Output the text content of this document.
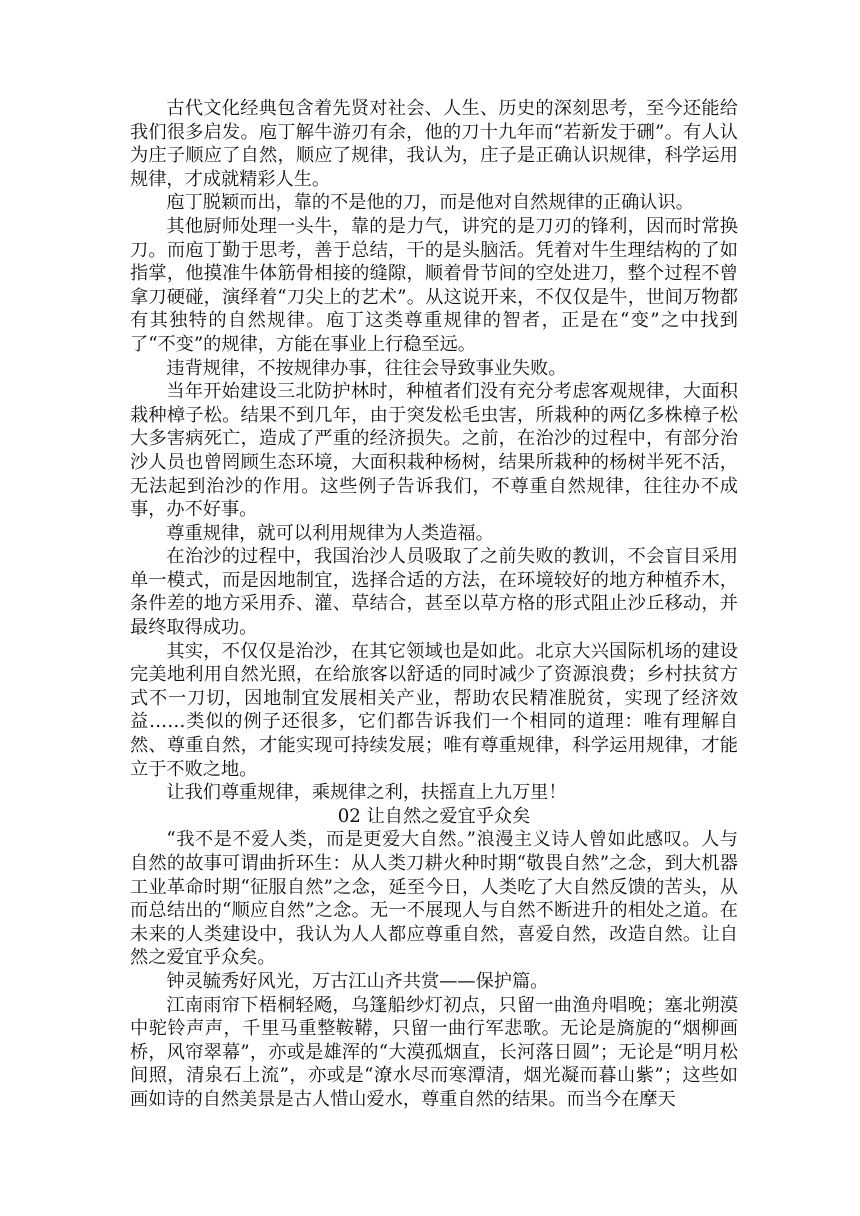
古代文化经典包含着先贤对社会、人生、历史的深刻思考，至今还能给我们很多启发。庖丁解牛游刃有余，他的刀十九年而“若新发于硎”。有人认为庄子顺应了自然，顺应了规律，我认为，庄子是正确认识规律，科学运用规律，才成就精彩人生。

庖丁脱颖而出，靠的不是他的刀，而是他对自然规律的正确认识。

其他厨师处理一头牛，靠的是力气，讲究的是刀刃的锋利，因而时常换刀。而庖丁勤于思考，善于总结，干的是头脑活。凭着对牛生理结构的了如指掌，他摸准牛体筋骨相接的缝隙，顺着骨节间的空处进刀，整个过程不曾拿刀硬碰，演绎着“刀尖上的艺术”。从这说开来，不仅仅是牛，世间万物都有其独特的自然规律。庖丁这类尊重规律的智者，正是在“变”之中找到了“不变”的规律，方能在事业上行稳至远。

违背规律，不按规律办事，往往会导致事业失败。

当年开始建设三北防护林时，种植者们没有充分考虑客观规律，大面积栽种樟子松。结果不到几年，由于突发松毛虫害，所栽种的两亿多株樟子松大多害病死亡，造成了严重的经济损失。之前，在治沙的过程中，有部分治沙人员也曾罔顾生态环境，大面积栽种杨树，结果所栽种的杨树半死不活，无法起到治沙的作用。这些例子告诉我们，不尊重自然规律，往往办不成事，办不好事。

尊重规律，就可以利用规律为人类造福。

在治沙的过程中，我国治沙人员吸取了之前失败的教训，不会盲目采用单一模式，而是因地制宜，选择合适的方法，在环境较好的地方种植乔木，条件差的地方采用乔、灌、草结合，甚至以草方格的形式阻止沙丘移动，并最终取得成功。

其实，不仅仅是治沙，在其它领域也是如此。北京大兴国际机场的建设完美地利用自然光照，在给旅客以舒适的同时减少了资源浪费；乡村扶贫方式不一刀切，因地制宜发展相关产业，帮助农民精准脱贫，实现了经济效益……类似的例子还很多，它们都告诉我们一个相同的道理：唯有理解自然、尊重自然，才能实现可持续发展；唯有尊重规律，科学运用规律，才能立于不败之地。

让我们尊重规律，乘规律之利，扶摇直上九万里！

02 让自然之爱宜乎众矣

“我不是不爱人类，而是更爱大自然。”浪漫主义诗人曾如此感叹。人与自然的故事可谓曲折环生：从人类刀耕火种时期“敬畏自然”之念，到大机器工业革命时期“征服自然”之念，延至今日，人类吃了大自然反馈的苦头，从而总结出的“顺应自然”之念。无一不展现人与自然不断进升的相处之道。在未来的人类建设中，我认为人人都应尊重自然，喜爱自然，改造自然。让自然之爱宜乎众矣。

钟灵毓秀好风光，万古江山齐共赏——保护篇。

江南雨帘下梧桐轻飏，乌篷船纱灯初点，只留一曲渔舟唱晚；塞北朔漠中驼铃声声，千里马重整鞍鞯，只留一曲行军悲歌。无论是旖旎的“烟柳画桥，风帘翠幕”，亦或是雄浑的“大漠孤烟直，长河落日圆”；无论是“明月松间照，清泉石上流”，亦或是“潦水尽而寒潭清，烟光凝而暮山紫”；这些如画如诗的自然美景是古人惜山爱水，尊重自然的结果。而当今在摩天
